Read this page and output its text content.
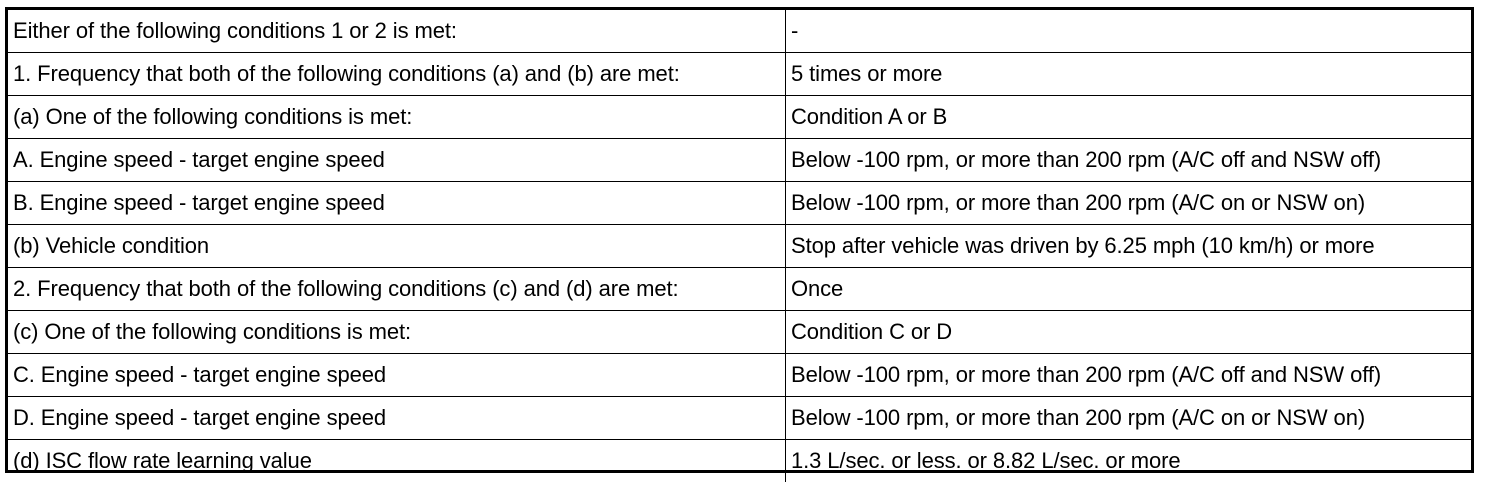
Either of the following conditions 1 or 2 is met:	-
1. Frequency that both of the following conditions (a) and (b) are met:	5 times or more
(a) One of the following conditions is met:	Condition A or B
A. Engine speed - target engine speed	Below -100 rpm, or more than 200 rpm (A/C off and NSW off)
B. Engine speed - target engine speed	Below -100 rpm, or more than 200 rpm (A/C on or NSW on)
(b) Vehicle condition	Stop after vehicle was driven by 6.25 mph (10 km/h) or more
2. Frequency that both of the following conditions (c) and (d) are met:	Once
(c) One of the following conditions is met:	Condition C or D
C. Engine speed - target engine speed	Below -100 rpm, or more than 200 rpm (A/C off and NSW off)
D. Engine speed - target engine speed	Below -100 rpm, or more than 200 rpm (A/C on or NSW on)
(d) ISC flow rate learning value	1.3 L/sec. or less. or 8.82 L/sec. or more
